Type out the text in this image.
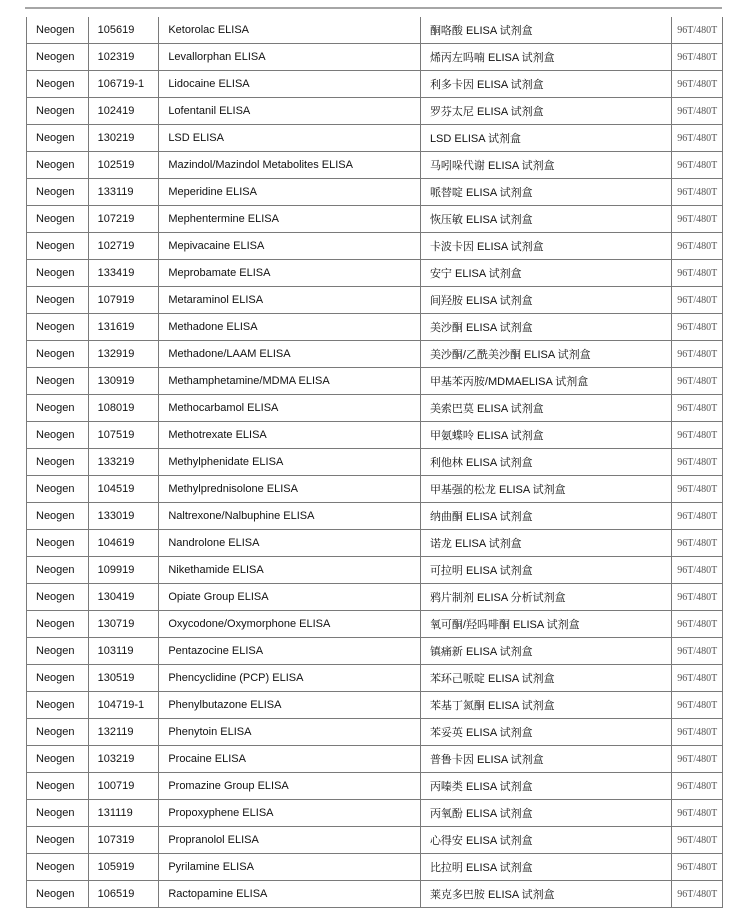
Neogen	105619	Ketorolac ELISA	酮咯酸 ELISA 试剂盒	96T/480T
Neogen	102319	Levallorphan ELISA	烯丙左吗喃 ELISA 试剂盒	96T/480T
Neogen	106719-1	Lidocaine ELISA	利多卡因 ELISA 试剂盒	96T/480T
Neogen	102419	Lofentanil ELISA	罗芬太尼 ELISA 试剂盒	96T/480T
Neogen	130219	LSD ELISA	LSD ELISA 试剂盒	96T/480T
Neogen	102519	Mazindol/Mazindol Metabolites ELISA	马吲哚代谢 ELISA 试剂盒	96T/480T
Neogen	133119	Meperidine ELISA	哌替啶 ELISA 试剂盒	96T/480T
Neogen	107219	Mephentermine ELISA	恢压敏 ELISA 试剂盒	96T/480T
Neogen	102719	Mepivacaine ELISA	卡波卡因 ELISA 试剂盒	96T/480T
Neogen	133419	Meprobamate ELISA	安宁 ELISA 试剂盒	96T/480T
Neogen	107919	Metaraminol ELISA	间羟胺 ELISA 试剂盒	96T/480T
Neogen	131619	Methadone ELISA	美沙酮 ELISA 试剂盒	96T/480T
Neogen	132919	Methadone/LAAM ELISA	美沙酮/乙酰美沙酮 ELISA 试剂盒	96T/480T
Neogen	130919	Methamphetamine/MDMA ELISA	甲基苯丙胺/MDMAELISA 试剂盒	96T/480T
Neogen	108019	Methocarbamol ELISA	美索巴莫 ELISA 试剂盒	96T/480T
Neogen	107519	Methotrexate ELISA	甲氨蝶呤 ELISA 试剂盒	96T/480T
Neogen	133219	Methylphenidate ELISA	利他林 ELISA 试剂盒	96T/480T
Neogen	104519	Methylprednisolone ELISA	甲基强的松龙 ELISA 试剂盒	96T/480T
Neogen	133019	Naltrexone/Nalbuphine ELISA	纳曲酮 ELISA 试剂盒	96T/480T
Neogen	104619	Nandrolone ELISA	诺龙 ELISA 试剂盒	96T/480T
Neogen	109919	Nikethamide ELISA	可拉明 ELISA 试剂盒	96T/480T
Neogen	130419	Opiate Group ELISA	鸦片制剂 ELISA 分析试剂盒	96T/480T
Neogen	130719	Oxycodone/Oxymorphone ELISA	氧可酮/羟吗啡酮 ELISA 试剂盒	96T/480T
Neogen	103119	Pentazocine ELISA	镇痛新 ELISA 试剂盒	96T/480T
Neogen	130519	Phencyclidine (PCP) ELISA	苯环己哌啶 ELISA 试剂盒	96T/480T
Neogen	104719-1	Phenylbutazone ELISA	苯基丁氮酮 ELISA 试剂盒	96T/480T
Neogen	132119	Phenytoin ELISA	苯妥英 ELISA 试剂盒	96T/480T
Neogen	103219	Procaine ELISA	普鲁卡因 ELISA 试剂盒	96T/480T
Neogen	100719	Promazine Group ELISA	丙嗪类 ELISA 试剂盒	96T/480T
Neogen	131119	Propoxyphene ELISA	丙氧酚 ELISA 试剂盒	96T/480T
Neogen	107319	Propranolol ELISA	心得安 ELISA 试剂盒	96T/480T
Neogen	105919	Pyrilamine ELISA	比拉明 ELISA 试剂盒	96T/480T
Neogen	106519	Ractopamine ELISA	莱克多巴胺 ELISA 试剂盒	96T/480T
